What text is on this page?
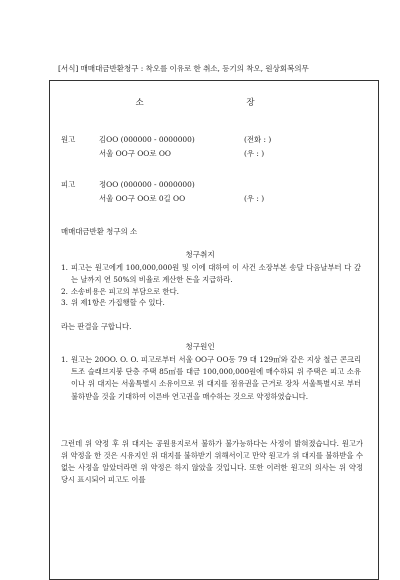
[서식] 매매대금반환청구 : 착오를 이유로 한 취소, 등기의 착오, 원상회복의무
소 장
원고	김OO (000000 - 0000000)	(전화 : )
서울 OO구 OO로 OO	(우 : )
피고	정OO (000000 - 0000000)
서울 OO구 OO로 0길 OO	(우 : )
매매대금반환 청구의 소
청구취지
1. 피고는 원고에게 100,000,000원 및 이에 대하여 이 사건 소장부본 송달 다음날부터 다 갚는 날까지 연 50%의 비율로 계산한 돈을 지급하라.
2. 소송비용은 피고의 부담으로 한다.
3. 위 제1항은 가집행할 수 있다.
라는 판결을 구합니다.
청구원인
1. 원고는 20OO. O. O. 피고로부터 서울 OO구 OO동 79 대 129㎡와 같은 지상 철근 콘크리트조 슬래브지붕 단층 주택 85㎡를 대금 100,000,000원에 매수하되 위 주택은 피고 소유이나 위 대지는 서울특별시 소유이므로 위 대지를 점유권을 근거로 장차 서울특별시로 부터 불하받을 것을 기대하여 이른바 연고권을 매수하는 것으로 약정하였습니다.
그런데 위 약정 후 위 대지는 공원용지로서 불하가 불가능하다는 사정이 밝혀졌습니다. 원고가 위 약정을 한 것은 시유지인 위 대지를 불하받기 위해서이고 만약 원고가 위 대지를 불하받을 수 없는 사정을 알았더라면 위 약정은 하지 않았을 것입니다. 또한 이러한 원고의 의사는 위 약정 당시 표시되어 피고도 이를
